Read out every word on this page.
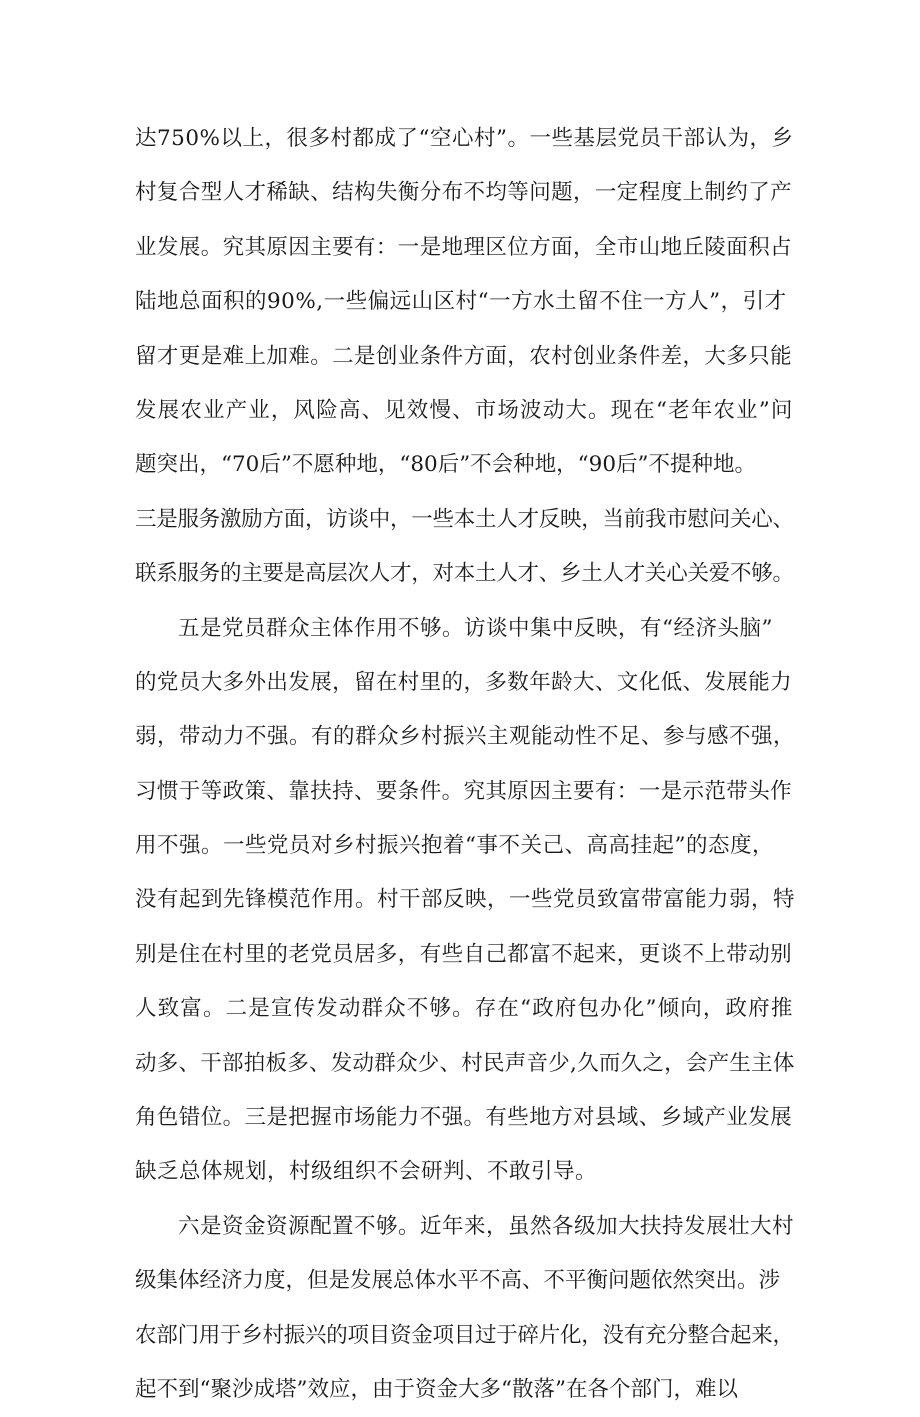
达750%以上，很多村都成了“空心村”。一些基层党员干部认为，乡
村复合型人才稀缺、结构失衡分布不均等问题，一定程度上制约了产
业发展。究其原因主要有：一是地理区位方面，全市山地丘陵面积占
陆地总面积的90%,一些偏远山区村“一方水土留不住一方人”，引才
留才更是难上加难。二是创业条件方面，农村创业条件差，大多只能
发展农业产业，风险高、见效慢、市场波动大。现在“老年农业”问
题突出，“70后”不愿种地，“80后”不会种地，“90后”不提种地。
三是服务激励方面，访谈中，一些本土人才反映，当前我市慰问关心、
联系服务的主要是高层次人才，对本土人才、乡土人才关心关爱不够。
五是党员群众主体作用不够。访谈中集中反映，有“经济头脑”
的党员大多外出发展，留在村里的，多数年龄大、文化低、发展能力
弱，带动力不强。有的群众乡村振兴主观能动性不足、参与感不强，
习惯于等政策、靠扶持、要条件。究其原因主要有：一是示范带头作
用不强。一些党员对乡村振兴抱着“事不关己、高高挂起”的态度，
没有起到先锋模范作用。村干部反映，一些党员致富带富能力弱，特
别是住在村里的老党员居多，有些自己都富不起来，更谈不上带动别
人致富。二是宣传发动群众不够。存在“政府包办化”倾向，政府推
动多、干部拍板多、发动群众少、村民声音少,久而久之，会产生主体
角色错位。三是把握市场能力不强。有些地方对县域、乡域产业发展
缺乏总体规划，村级组织不会研判、不敢引导。
六是资金资源配置不够。近年来，虽然各级加大扶持发展壮大村
级集体经济力度，但是发展总体水平不高、不平衡问题依然突出。涉
农部门用于乡村振兴的项目资金项目过于碎片化，没有充分整合起来，
起不到“聚沙成塔”效应，由于资金大多“散落”在各个部门，难以
